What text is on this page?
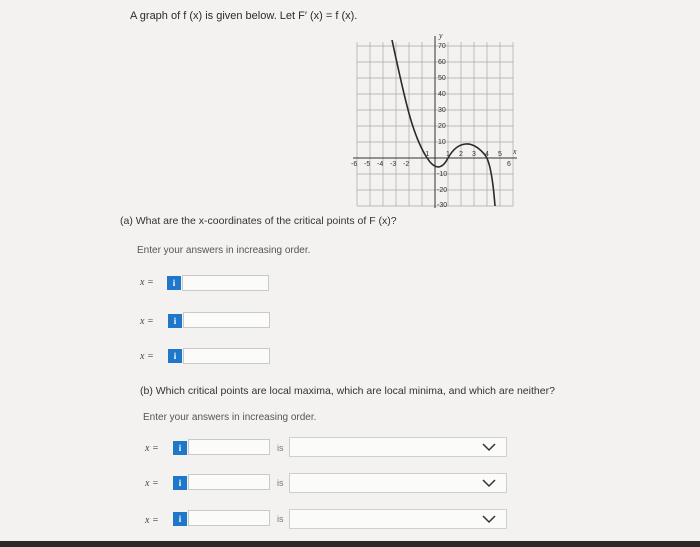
A graph of f (x) is given below. Let F′ (x) = f (x).
70
60
50
40
30
20
10
-10
-20
-30
-6 -5 -4 -3 -2
-1 1 2 3 4 5
6
x
y
(a) What are the x-coordinates of the critical points of F (x)?
Enter your answers in increasing order.
x =	i
x =	i
x =	i
(b) Which critical points are local maxima, which are local minima, and which are neither?
Enter your answers in increasing order.
x =	i	is
x =	i	is
x =	i	is
